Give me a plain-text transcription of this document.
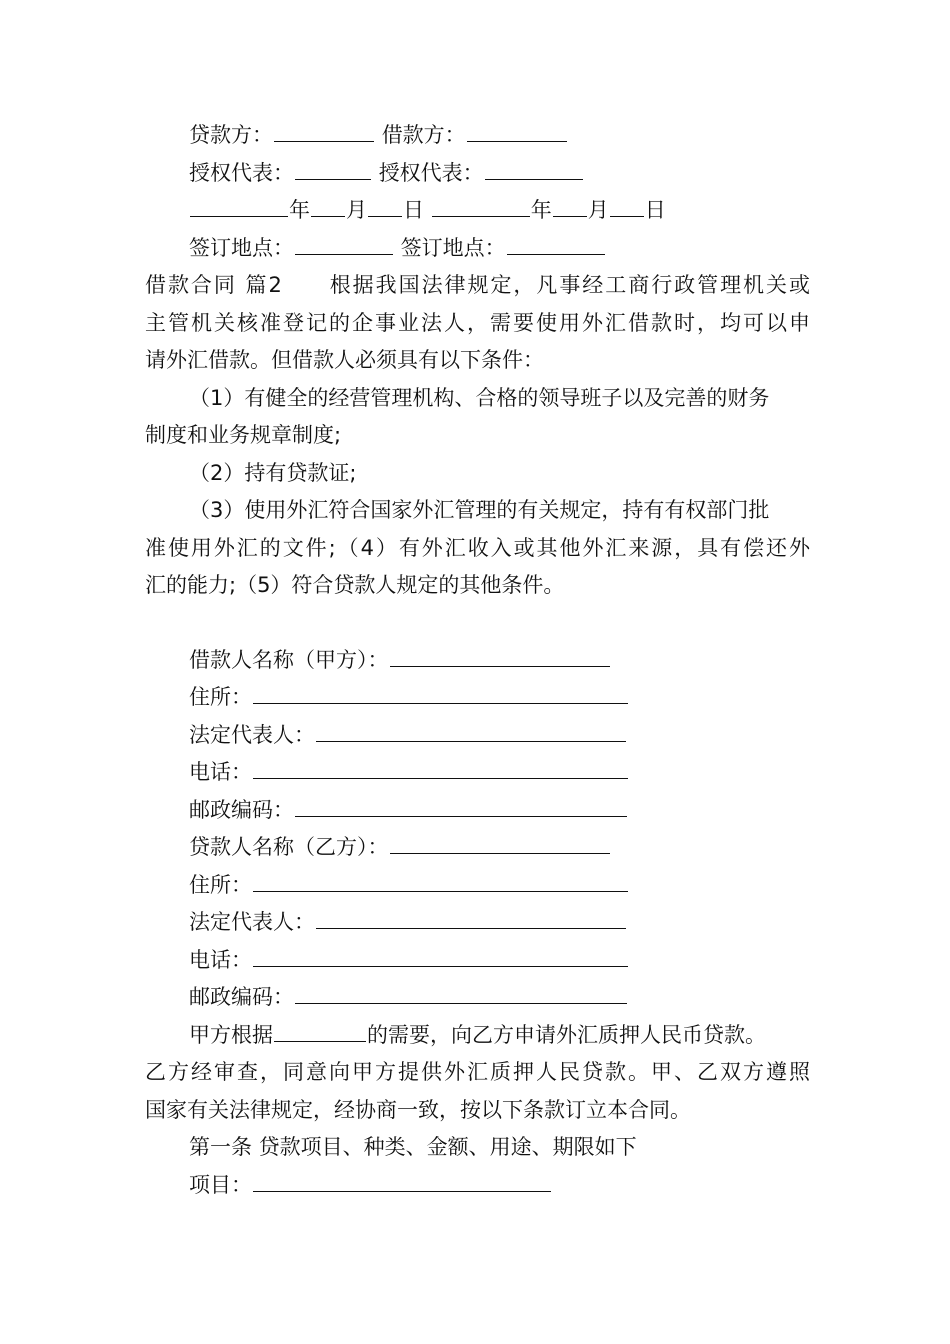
贷款方：	借款方：
授权代表：	授权代表：
年 月 日	年 月 日
签订地点：	签订地点：
借款合同 篇2　　根据我国法律规定，凡事经工商行政管理机关或
主管机关核准登记的企事业法人，需要使用外汇借款时，均可以申
请外汇借款。但借款人必须具有以下条件：
（1）有健全的经营管理机构、合格的领导班子以及完善的财务
制度和业务规章制度;
（2）持有贷款证;
（3）使用外汇符合国家外汇管理的有关规定，持有有权部门批
准使用外汇的文件;（4）有外汇收入或其他外汇来源，具有偿还外
汇的能力;（5）符合贷款人规定的其他条件。
借款人名称（甲方）：
住所：
法定代表人：
电话：
邮政编码：
贷款人名称（乙方）：
住所：
法定代表人：
电话：
邮政编码：
甲方根据	的需要，向乙方申请外汇质押人民币贷款。
乙方经审查，同意向甲方提供外汇质押人民贷款。甲、乙双方遵照
国家有关法律规定，经协商一致，按以下条款订立本合同。
第一条 贷款项目、种类、金额、用途、期限如下
项目：
